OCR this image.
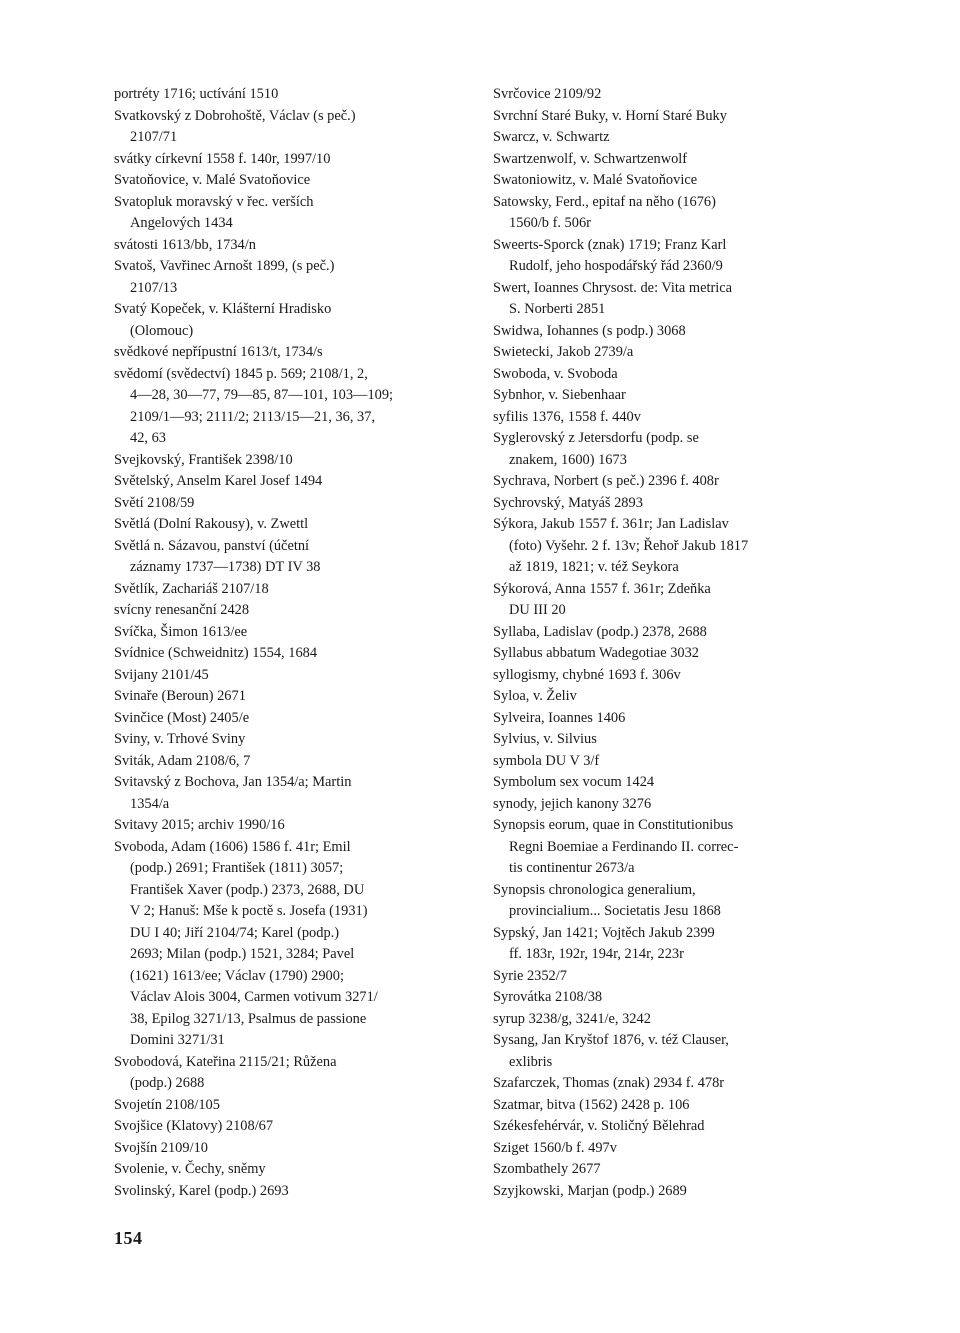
portréty 1716; uctívání 1510
Svatkovský z Dobrohoště, Václav (s peč.)
2107/71
svátky církevní 1558 f. 140r, 1997/10
Svatoňovice, v. Malé Svatoňovice
Svatopluk moravský v řec. verších
Angelových 1434
svátosti 1613/bb, 1734/n
Svatoš, Vavřinec Arnošt 1899, (s peč.)
2107/13
Svatý Kopeček, v. Klášterní Hradisko
(Olomouc)
svědkové nepřípustní 1613/t, 1734/s
svědomí (svědectví) 1845 p. 569; 2108/1, 2,
4—28, 30—77, 79—85, 87—101, 103—109;
2109/1—93; 2111/2; 2113/15—21, 36, 37,
42, 63
Svejkovský, František 2398/10
Světelský, Anselm Karel Josef 1494
Světí 2108/59
Světlá (Dolní Rakousy), v. Zwettl
Světlá n. Sázavou, panství (účetní
záznamy 1737—1738) DT IV 38
Světlík, Zachariáš 2107/18
svícny renesanční 2428
Svíčka, Šimon 1613/ee
Svídnice (Schweidnitz) 1554, 1684
Svijany 2101/45
Svinaře (Beroun) 2671
Svinčice (Most) 2405/e
Sviny, v. Trhové Sviny
Sviták, Adam 2108/6, 7
Svitavský z Bochova, Jan 1354/a; Martin
1354/a
Svitavy 2015; archiv 1990/16
Svoboda, Adam (1606) 1586 f. 41r; Emil
(podp.) 2691; František (1811) 3057;
František Xaver (podp.) 2373, 2688, DU
V 2; Hanuš: Mše k poctě s. Josefa (1931)
DU I 40; Jiří 2104/74; Karel (podp.)
2693; Milan (podp.) 1521, 3284; Pavel
(1621) 1613/ee; Václav (1790) 2900;
Václav Alois 3004, Carmen votivum 3271/
38, Epilog 3271/13, Psalmus de passione
Domini 3271/31
Svobodová, Kateřina 2115/21; Růžena
(podp.) 2688
Svojetín 2108/105
Svojšice (Klatovy) 2108/67
Svojšín 2109/10
Svolenie, v. Čechy, sněmy
Svolinský, Karel (podp.) 2693
Svrčovice 2109/92
Svrchní Staré Buky, v. Horní Staré Buky
Swarcz, v. Schwartz
Swartzenwolf, v. Schwartzenwolf
Swatoniowitz, v. Malé Svatoňovice
Satowsky, Ferd., epitaf na něho (1676)
1560/b f. 506r
Sweerts-Sporck (znak) 1719; Franz Karl
Rudolf, jeho hospodářský řád 2360/9
Swert, Ioannes Chrysost. de: Vita metrica
S. Norberti 2851
Swidwa, Iohannes (s podp.) 3068
Swietecki, Jakob 2739/a
Swoboda, v. Svoboda
Sybnhor, v. Siebenhaar
syfilis 1376, 1558 f. 440v
Syglerovský z Jetersdorfu (podp. se
znakem, 1600) 1673
Sychrava, Norbert (s peč.) 2396 f. 408r
Sychrovský, Matyáš 2893
Sýkora, Jakub 1557 f. 361r; Jan Ladislav
(foto) Vyšehr. 2 f. 13v; Řehoř Jakub 1817
až 1819, 1821; v. též Seykora
Sýkorová, Anna 1557 f. 361r; Zdeňka
DU III 20
Syllaba, Ladislav (podp.) 2378, 2688
Syllabus abbatum Wadegotiae 3032
syllogismy, chybné 1693 f. 306v
Syloa, v. Želiv
Sylveira, Ioannes 1406
Sylvius, v. Silvius
symbola DU V 3/f
Symbolum sex vocum 1424
synody, jejich kanony 3276
Synopsis eorum, quae in Constitutionibus
Regni Boemiae a Ferdinando II. correc-
tis continentur 2673/a
Synopsis chronologica generalium,
provincialium... Societatis Jesu 1868
Sypský, Jan 1421; Vojtěch Jakub 2399
ff. 183r, 192r, 194r, 214r, 223r
Syrie 2352/7
Syrovátka 2108/38
syrup 3238/g, 3241/e, 3242
Sysang, Jan Kryštof 1876, v. též Clauser,
exlibris
Szafarczek, Thomas (znak) 2934 f. 478r
Szatmar, bitva (1562) 2428 p. 106
Székesfehérvár, v. Stoličný Bělehrad
Sziget 1560/b f. 497v
Szombathely 2677
Szyjkowski, Marjan (podp.) 2689
154
